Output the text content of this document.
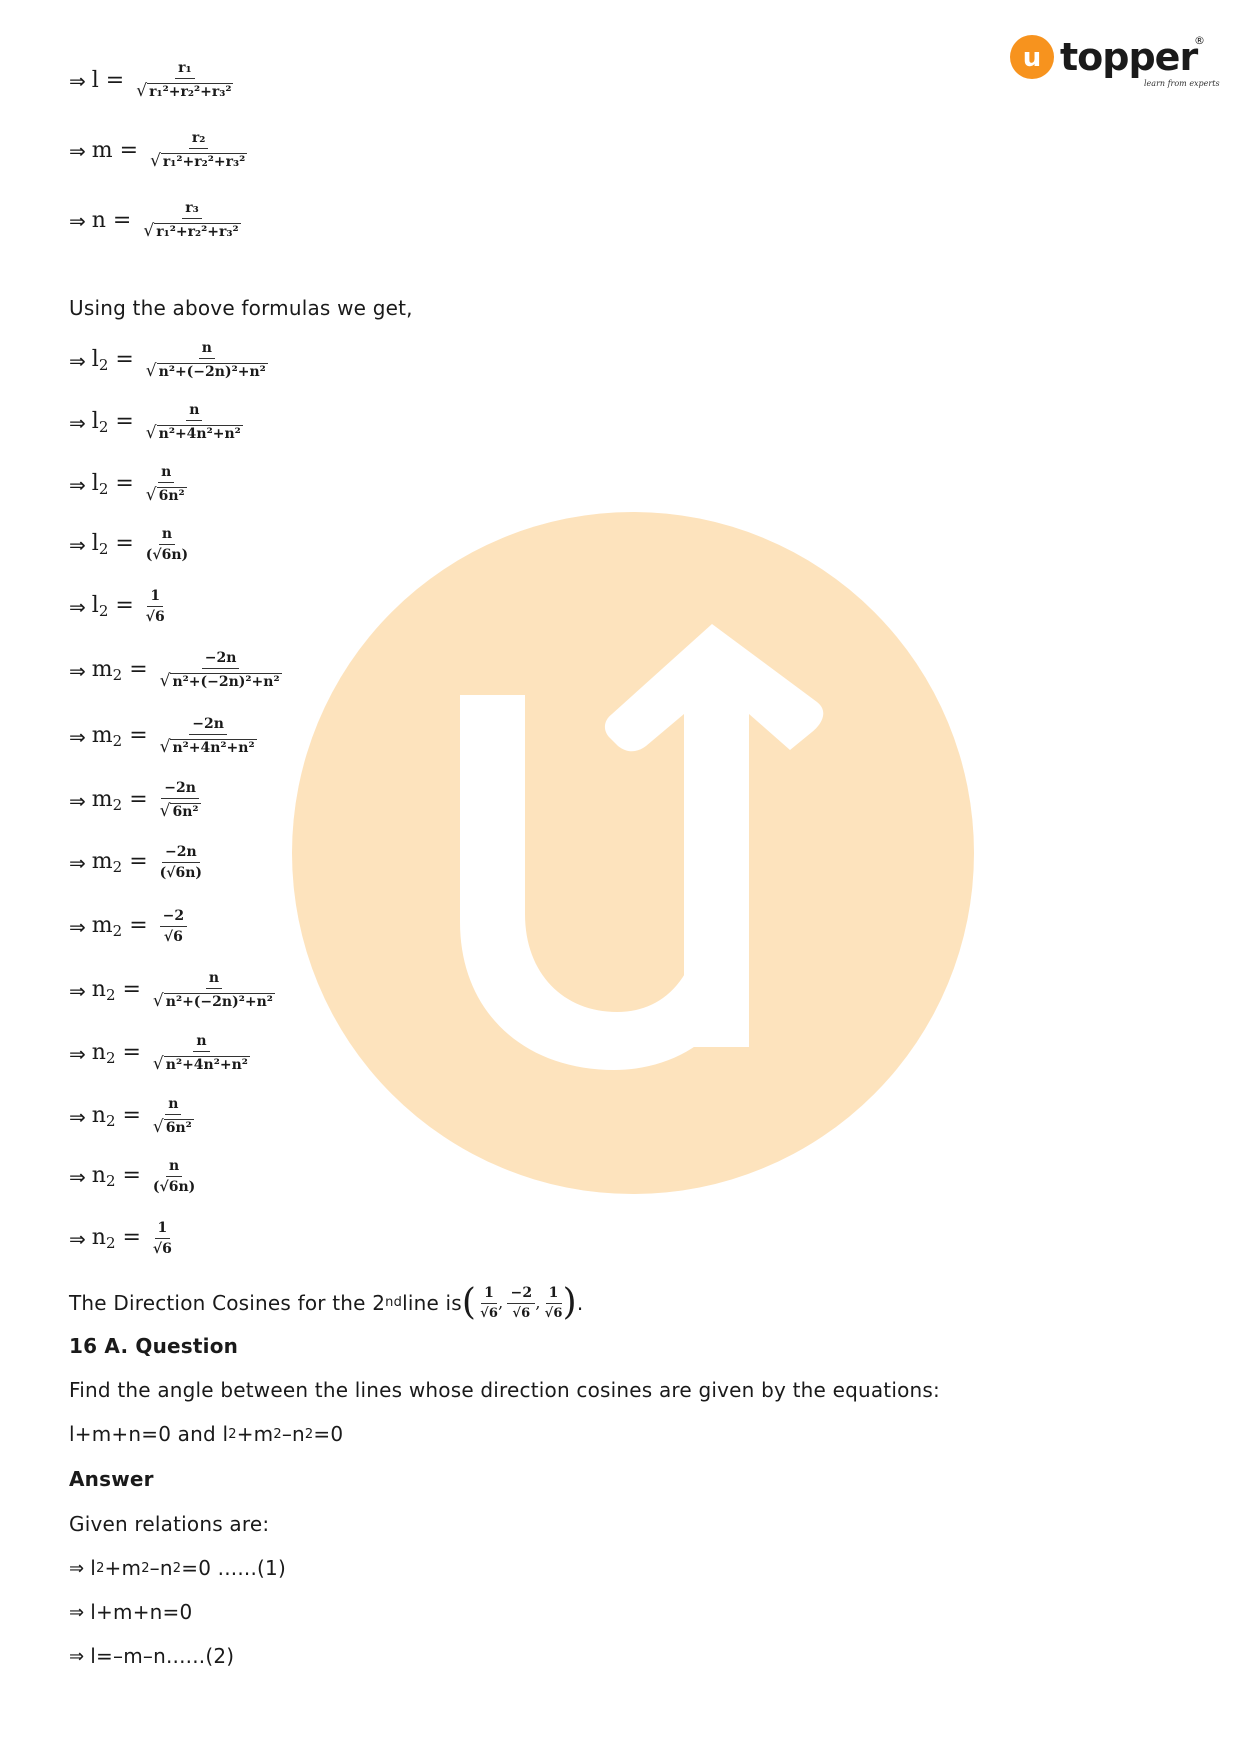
u topper
learn from experts
®
⇒ $l = \frac{\text{r₁}}{\text{√ r₁²+r₂²+r₃²}}$
⇒ $m = \frac{\text{r₂}}{\text{√ r₁²+r₂²+r₃²}}$
⇒ $n = \frac{\text{r₃}}{\text{√ r₁²+r₂²+r₃²}}$
Using the above formulas we get,
⇒ $l_2 = \frac{n}{\text{√ n²+(−2n)²+n²}}$
⇒ $l_2 = \frac{n}{\text{√ n²+4n²+n²}}$
⇒ $l_2 = \frac{n}{\text{√ 6n²}}$
⇒ $l_2 = \frac{n}{(√6n)}$
⇒ $l_2 = \frac{1}{√6}$
⇒ $m_2 = \frac{-2n}{\text{√ n²+(−2n)²+n²}}$
⇒ $m_2 = \frac{-2n}{\text{√ n²+4n²+n²}}$
⇒ $m_2 = \frac{-2n}{\text{√ 6n²}}$
⇒ $m_2 = \frac{-2n}{(√6n)}$
⇒ $m_2 = \frac{-2}{√6}$
⇒ $n_2 = \frac{n}{\text{√ n²+(−2n)²+n²}}$
⇒ $n_2 = \frac{n}{\text{√ n²+4n²+n²}}$
⇒ $n_2 = \frac{n}{\text{√ 6n²}}$
⇒ $n_2 = \frac{n}{(√6n)}$
⇒ $n_2 = \frac{1}{√6}$
The Direction Cosines for the 2 nd line is ( $\frac{1}{√6}$ , $\frac{-2}{√6}$ , $\frac{1}{√6}$ ) .
16 A. Question
Find the angle between the lines whose direction cosines are given by the equations:
l+m+n=0 and l 2 +m 2 –n 2 =0
Answer
Given relations are:
⇒ l 2 +m 2 –n 2 =0 ......(1)
⇒ l+m+n=0
⇒ l=–m–n......(2)
